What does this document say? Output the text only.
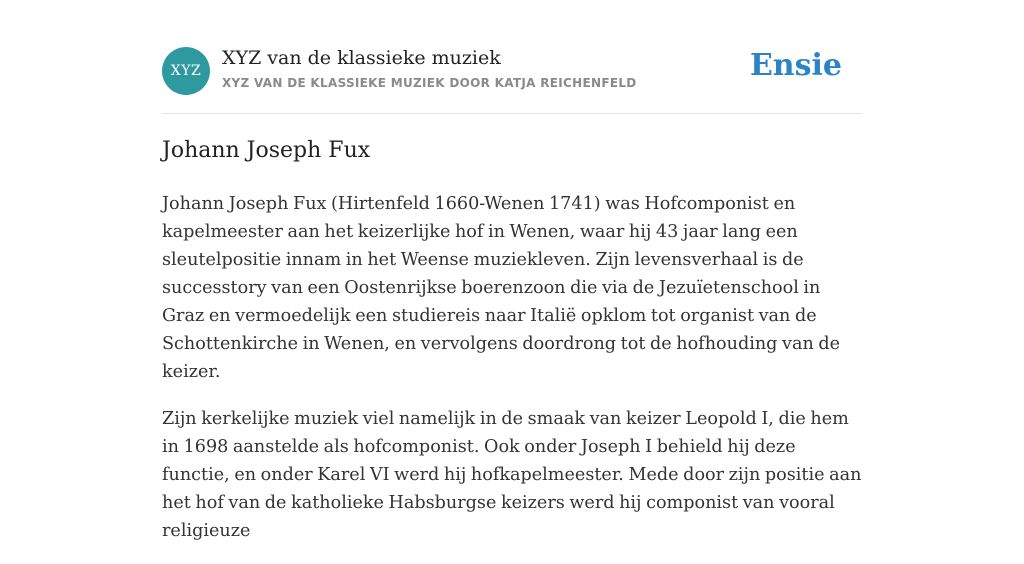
XYZ
XYZ van de klassieke muziek
XYZ VAN DE KLASSIEKE MUZIEK DOOR KATJA REICHENFELD	Ensie
Johann Joseph Fux

Johann Joseph Fux (Hirtenfeld 1660-Wenen 1741) was Hofcomponist en kapelmeester aan het keizerlijke hof in Wenen, waar hij 43 jaar lang een sleutelpositie innam in het Weense muziekleven. Zijn levensverhaal is de successtory van een Oostenrijkse boerenzoon die via de Jezuïetenschool in Graz en vermoedelijk een studiereis naar Italië opklom tot organist van de Schottenkirche in Wenen, en vervolgens doordrong tot de hofhouding van de keizer.

Zijn kerkelijke muziek viel namelijk in de smaak van keizer Leopold I, die hem in 1698 aanstelde als hofcomponist. Ook onder Joseph I behield hij deze functie, en onder Karel VI werd hij hofkapelmeester. Mede door zijn positie aan het hof van de katholieke Habsburgse keizers werd hij componist van vooral religieuze
